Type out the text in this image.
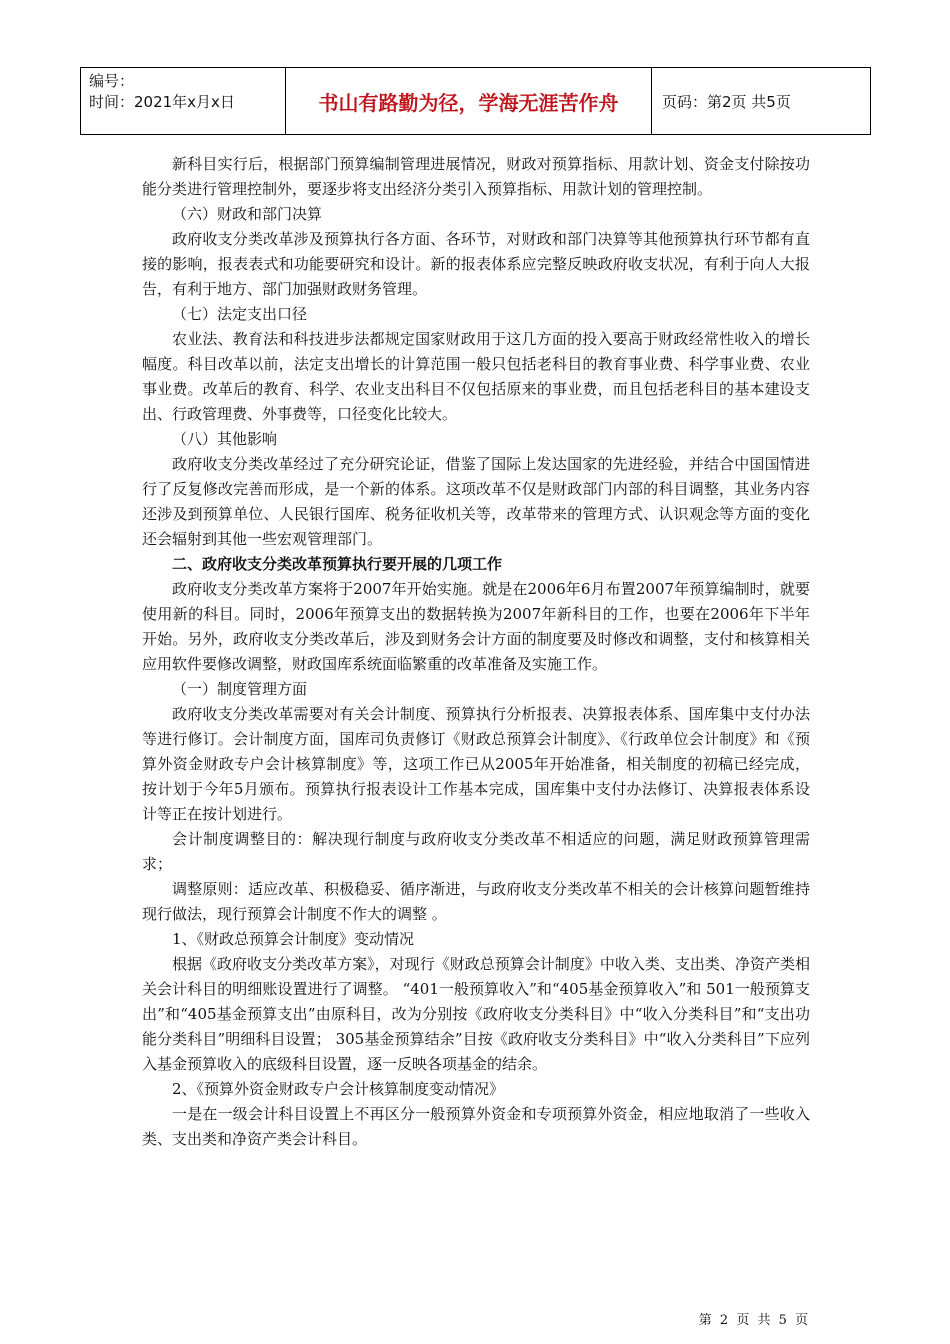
编号：
时间：2021年x月x日	书山有路勤为径，学海无涯苦作舟	页码：第2页 共5页

新科目实行后，根据部门预算编制管理进展情况，财政对预算指标、用款计划、资金支付除按功能分类进行管理控制外，要逐步将支出经济分类引入预算指标、用款计划的管理控制。

（六）财政和部门决算

政府收支分类改革涉及预算执行各方面、各环节，对财政和部门决算等其他预算执行环节都有直接的影响，报表表式和功能要研究和设计。新的报表体系应完整反映政府收支状况，有利于向人大报告，有利于地方、部门加强财政财务管理。

（七）法定支出口径

农业法、教育法和科技进步法都规定国家财政用于这几方面的投入要高于财政经常性收入的增长幅度。科目改革以前，法定支出增长的计算范围一般只包括老科目的教育事业费、科学事业费、农业事业费。改革后的教育、科学、农业支出科目不仅包括原来的事业费，而且包括老科目的基本建设支出、行政管理费、外事费等，口径变化比较大。

（八）其他影响

政府收支分类改革经过了充分研究论证，借鉴了国际上发达国家的先进经验，并结合中国国情进行了反复修改完善而形成，是一个新的体系。这项改革不仅是财政部门内部的科目调整，其业务内容还涉及到预算单位、人民银行国库、税务征收机关等，改革带来的管理方式、认识观念等方面的变化还会辐射到其他一些宏观管理部门。

二、政府收支分类改革预算执行要开展的几项工作

政府收支分类改革方案将于2007年开始实施。就是在2006年6月布置2007年预算编制时，就要使用新的科目。同时，2006年预算支出的数据转换为2007年新科目的工作，也要在2006年下半年开始。另外，政府收支分类改革后，涉及到财务会计方面的制度要及时修改和调整，支付和核算相关应用软件要修改调整，财政国库系统面临繁重的改革准备及实施工作。

（一）制度管理方面

政府收支分类改革需要对有关会计制度、预算执行分析报表、决算报表体系、国库集中支付办法等进行修订。会计制度方面，国库司负责修订《财政总预算会计制度》、《行政单位会计制度》和《预算外资金财政专户会计核算制度》等，这项工作已从2005年开始准备，相关制度的初稿已经完成，按计划于今年5月颁布。预算执行报表设计工作基本完成，国库集中支付办法修订、决算报表体系设计等正在按计划进行。

会计制度调整目的：解决现行制度与政府收支分类改革不相适应的问题，满足财政预算管理需求；

调整原则：适应改革、积极稳妥、循序渐进，与政府收支分类改革不相关的会计核算问题暂维持现行做法，现行预算会计制度不作大的调整 。

1、《财政总预算会计制度》变动情况

根据《政府收支分类改革方案》，对现行《财政总预算会计制度》中收入类、支出类、净资产类相关会计科目的明细账设置进行了调整。 “401一般预算收入”和“405基金预算收入”和 501一般预算支出”和“405基金预算支出”由原科目，改为分别按《政府收支分类科目》中“收入分类科目”和“支出功能分类科目”明细科目设置； 305基金预算结余”目按《政府收支分类科目》中“收入分类科目”下应列入基金预算收入的底级科目设置，逐一反映各项基金的结余。

2、《预算外资金财政专户会计核算制度变动情况》

一是在一级会计科目设置上不再区分一般预算外资金和专项预算外资金，相应地取消了一些收入类、支出类和净资产类会计科目。

第 2 页 共 5 页
